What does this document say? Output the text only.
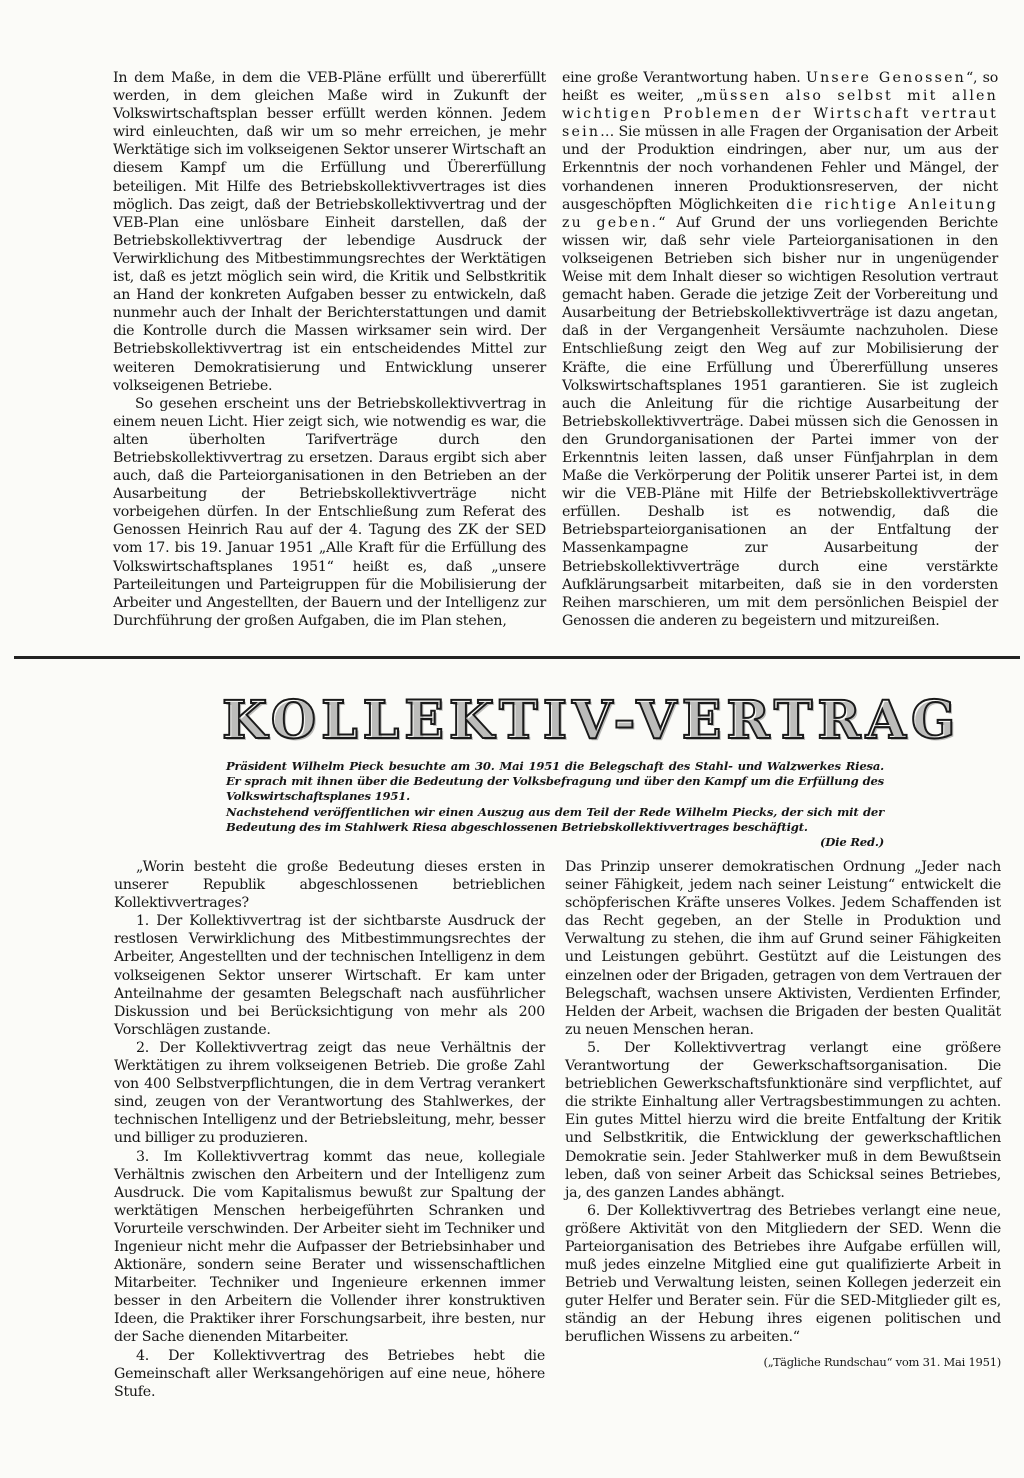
In dem Maße, in dem die VEB-Pläne erfüllt und übererfüllt werden, in dem gleichen Maße wird in Zukunft der Volkswirtschaftsplan besser erfüllt werden können. Jedem wird einleuchten, daß wir um so mehr erreichen, je mehr Werktätige sich im volkseigenen Sektor unserer Wirtschaft an diesem Kampf um die Erfüllung und Übererfüllung beteiligen. Mit Hilfe des Betriebskollektivvertrages ist dies möglich. Das zeigt, daß der Betriebskollektivvertrag und der VEB-Plan eine unlösbare Einheit darstellen, daß der Betriebskollektivvertrag der lebendige Ausdruck der Verwirklichung des Mitbestimmungsrechtes der Werktätigen ist, daß es jetzt möglich sein wird, die Kritik und Selbstkritik an Hand der konkreten Aufgaben besser zu entwickeln, daß nunmehr auch der Inhalt der Berichterstattungen und damit die Kontrolle durch die Massen wirksamer sein wird. Der Betriebskollektivvertrag ist ein entscheidendes Mittel zur weiteren Demokratisierung und Entwicklung unserer volkseigenen Betriebe.

So gesehen erscheint uns der Betriebskollektivvertrag in einem neuen Licht. Hier zeigt sich, wie notwendig es war, die alten überholten Tarifverträge durch den Betriebskollektivvertrag zu ersetzen. Daraus ergibt sich aber auch, daß die Parteiorganisationen in den Betrieben an der Ausarbeitung der Betriebskollektivverträge nicht vorbeigehen dürfen. In der Entschließung zum Referat des Genossen Heinrich Rau auf der 4. Tagung des ZK der SED vom 17. bis 19. Januar 1951 „Alle Kraft für die Erfüllung des Volkswirtschaftsplanes 1951“ heißt es, daß „unsere Parteileitungen und Parteigruppen für die Mobilisierung der Arbeiter und Angestellten, der Bauern und der Intelligenz zur Durchführung der großen Aufgaben, die im Plan stehen,

eine große Verantwortung haben. Unsere Genossen“, so heißt es weiter, „müssen also selbst mit allen wichtigen Problemen der Wirtschaft vertraut sein… Sie müssen in alle Fragen der Organisation der Arbeit und der Produktion eindringen, aber nur, um aus der Erkenntnis der noch vorhandenen Fehler und Mängel, der vorhandenen inneren Produktionsreserven, der nicht ausgeschöpften Möglichkeiten die richtige Anleitung zu geben.“ Auf Grund der uns vorliegenden Berichte wissen wir, daß sehr viele Parteiorganisationen in den volkseigenen Betrieben sich bisher nur in ungenügender Weise mit dem Inhalt dieser so wichtigen Resolution vertraut gemacht haben. Gerade die jetzige Zeit der Vorbereitung und Ausarbeitung der Betriebskollektivverträge ist dazu angetan, daß in der Vergangenheit Versäumte nachzuholen. Diese Entschließung zeigt den Weg auf zur Mobilisierung der Kräfte, die eine Erfüllung und Übererfüllung unseres Volkswirtschaftsplanes 1951 garantieren. Sie ist zugleich auch die Anleitung für die richtige Ausarbeitung der Betriebskollektivverträge. Dabei müssen sich die Genossen in den Grundorganisationen der Partei immer von der Erkenntnis leiten lassen, daß unser Fünfjahrplan in dem Maße die Verkörperung der Politik unserer Partei ist, in dem wir die VEB-Pläne mit Hilfe der Betriebskollektivverträge erfüllen. Deshalb ist es notwendig, daß die Betriebsparteiorganisationen an der Entfaltung der Massenkampagne zur Ausarbeitung der Betriebskollektivverträge durch eine verstärkte Aufklärungsarbeit mitarbeiten, daß sie in den vordersten Reihen marschieren, um mit dem persönlichen Beispiel der Genossen die anderen zu begeistern und mitzureißen.

KOLLEKTIV-VERTRAG

Präsident Wilhelm Pieck besuchte am 30. Mai 1951 die Belegschaft des Stahl- und Walzwerkes Riesa. Er sprach mit ihnen über die Bedeutung der Volksbefragung und über den Kampf um die Erfüllung des Volkswirtschaftsplanes 1951.

Nachstehend veröffentlichen wir einen Auszug aus dem Teil der Rede Wilhelm Piecks, der sich mit der Bedeutung des im Stahlwerk Riesa abgeschlossenen Betriebskollektivvertrages beschäftigt.

(Die Red.)

„Worin besteht die große Bedeutung dieses ersten in unserer Republik abgeschlossenen betrieblichen Kollektivvertrages?

1. Der Kollektivvertrag ist der sichtbarste Ausdruck der restlosen Verwirklichung des Mitbestimmungsrechtes der Arbeiter, Angestellten und der technischen Intelligenz in dem volkseigenen Sektor unserer Wirtschaft. Er kam unter Anteilnahme der gesamten Belegschaft nach ausführlicher Diskussion und bei Berücksichtigung von mehr als 200 Vorschlägen zustande.

2. Der Kollektivvertrag zeigt das neue Verhältnis der Werktätigen zu ihrem volkseigenen Betrieb. Die große Zahl von 400 Selbstverpflichtungen, die in dem Vertrag verankert sind, zeugen von der Verantwortung des Stahlwerkes, der technischen Intelligenz und der Betriebsleitung, mehr, besser und billiger zu produzieren.

3. Im Kollektivvertrag kommt das neue, kollegiale Verhältnis zwischen den Arbeitern und der Intelligenz zum Ausdruck. Die vom Kapitalismus bewußt zur Spaltung der werktätigen Menschen herbeigeführten Schranken und Vorurteile verschwinden. Der Arbeiter sieht im Techniker und Ingenieur nicht mehr die Aufpasser der Betriebsinhaber und Aktionäre, sondern seine Berater und wissenschaftlichen Mitarbeiter. Techniker und Ingenieure erkennen immer besser in den Arbeitern die Vollender ihrer konstruktiven Ideen, die Praktiker ihrer Forschungsarbeit, ihre besten, nur der Sache dienenden Mitarbeiter.

4. Der Kollektivvertrag des Betriebes hebt die Gemeinschaft aller Werksangehörigen auf eine neue, höhere Stufe.

Das Prinzip unserer demokratischen Ordnung „Jeder nach seiner Fähigkeit, jedem nach seiner Leistung“ entwickelt die schöpferischen Kräfte unseres Volkes. Jedem Schaffenden ist das Recht gegeben, an der Stelle in Produktion und Verwaltung zu stehen, die ihm auf Grund seiner Fähigkeiten und Leistungen gebührt. Gestützt auf die Leistungen des einzelnen oder der Brigaden, getragen von dem Vertrauen der Belegschaft, wachsen unsere Aktivisten, Verdienten Erfinder, Helden der Arbeit, wachsen die Brigaden der besten Qualität zu neuen Menschen heran.

5. Der Kollektivvertrag verlangt eine größere Verantwortung der Gewerkschaftsorganisation. Die betrieblichen Gewerkschaftsfunktionäre sind verpflichtet, auf die strikte Einhaltung aller Vertragsbestimmungen zu achten. Ein gutes Mittel hierzu wird die breite Entfaltung der Kritik und Selbstkritik, die Entwicklung der gewerkschaftlichen Demokratie sein. Jeder Stahlwerker muß in dem Bewußtsein leben, daß von seiner Arbeit das Schicksal seines Betriebes, ja, des ganzen Landes abhängt.

6. Der Kollektivvertrag des Betriebes verlangt eine neue, größere Aktivität von den Mitgliedern der SED. Wenn die Parteiorganisation des Betriebes ihre Aufgabe erfüllen will, muß jedes einzelne Mitglied eine gut qualifizierte Arbeit in Betrieb und Verwaltung leisten, seinen Kollegen jederzeit ein guter Helfer und Berater sein. Für die SED-Mitglieder gilt es, ständig an der Hebung ihres eigenen politischen und beruflichen Wissens zu arbeiten.“

(„Tägliche Rundschau“ vom 31. Mai 1951)
